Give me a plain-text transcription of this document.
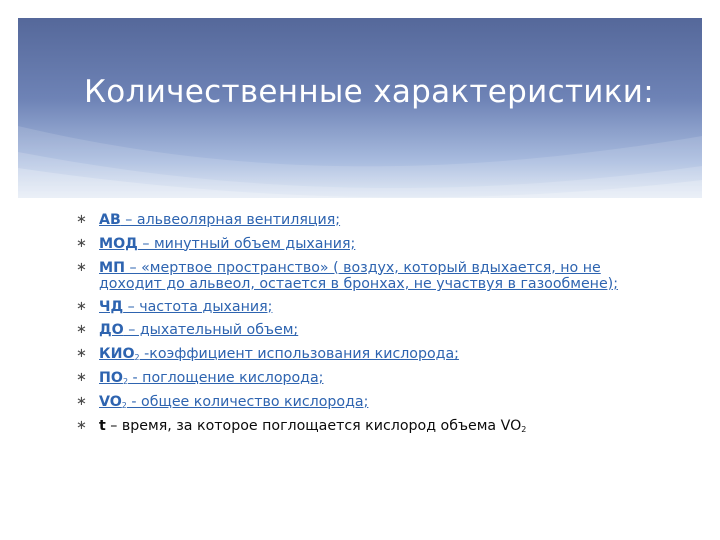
Количественные характеристики:
∗ АВ – альвеолярная вентиляция;
∗ МОД – минутный объем дыхания;
∗ МП – «мертвое пространство» ( воздух, который вдыхается, но не доходит до альвеол, остается в бронхах, не участвуя в газообмене);
∗ ЧД – частота дыхания;
∗ ДО – дыхательный объем;
∗ $КИО_2$ -коэффициент использования кислорода;
∗ $ПО_2$ - поглощение кислорода;
∗ $VO_2$ - общее количество кислорода;
∗ t – время, за которое поглощается кислород объема $VO_2$
